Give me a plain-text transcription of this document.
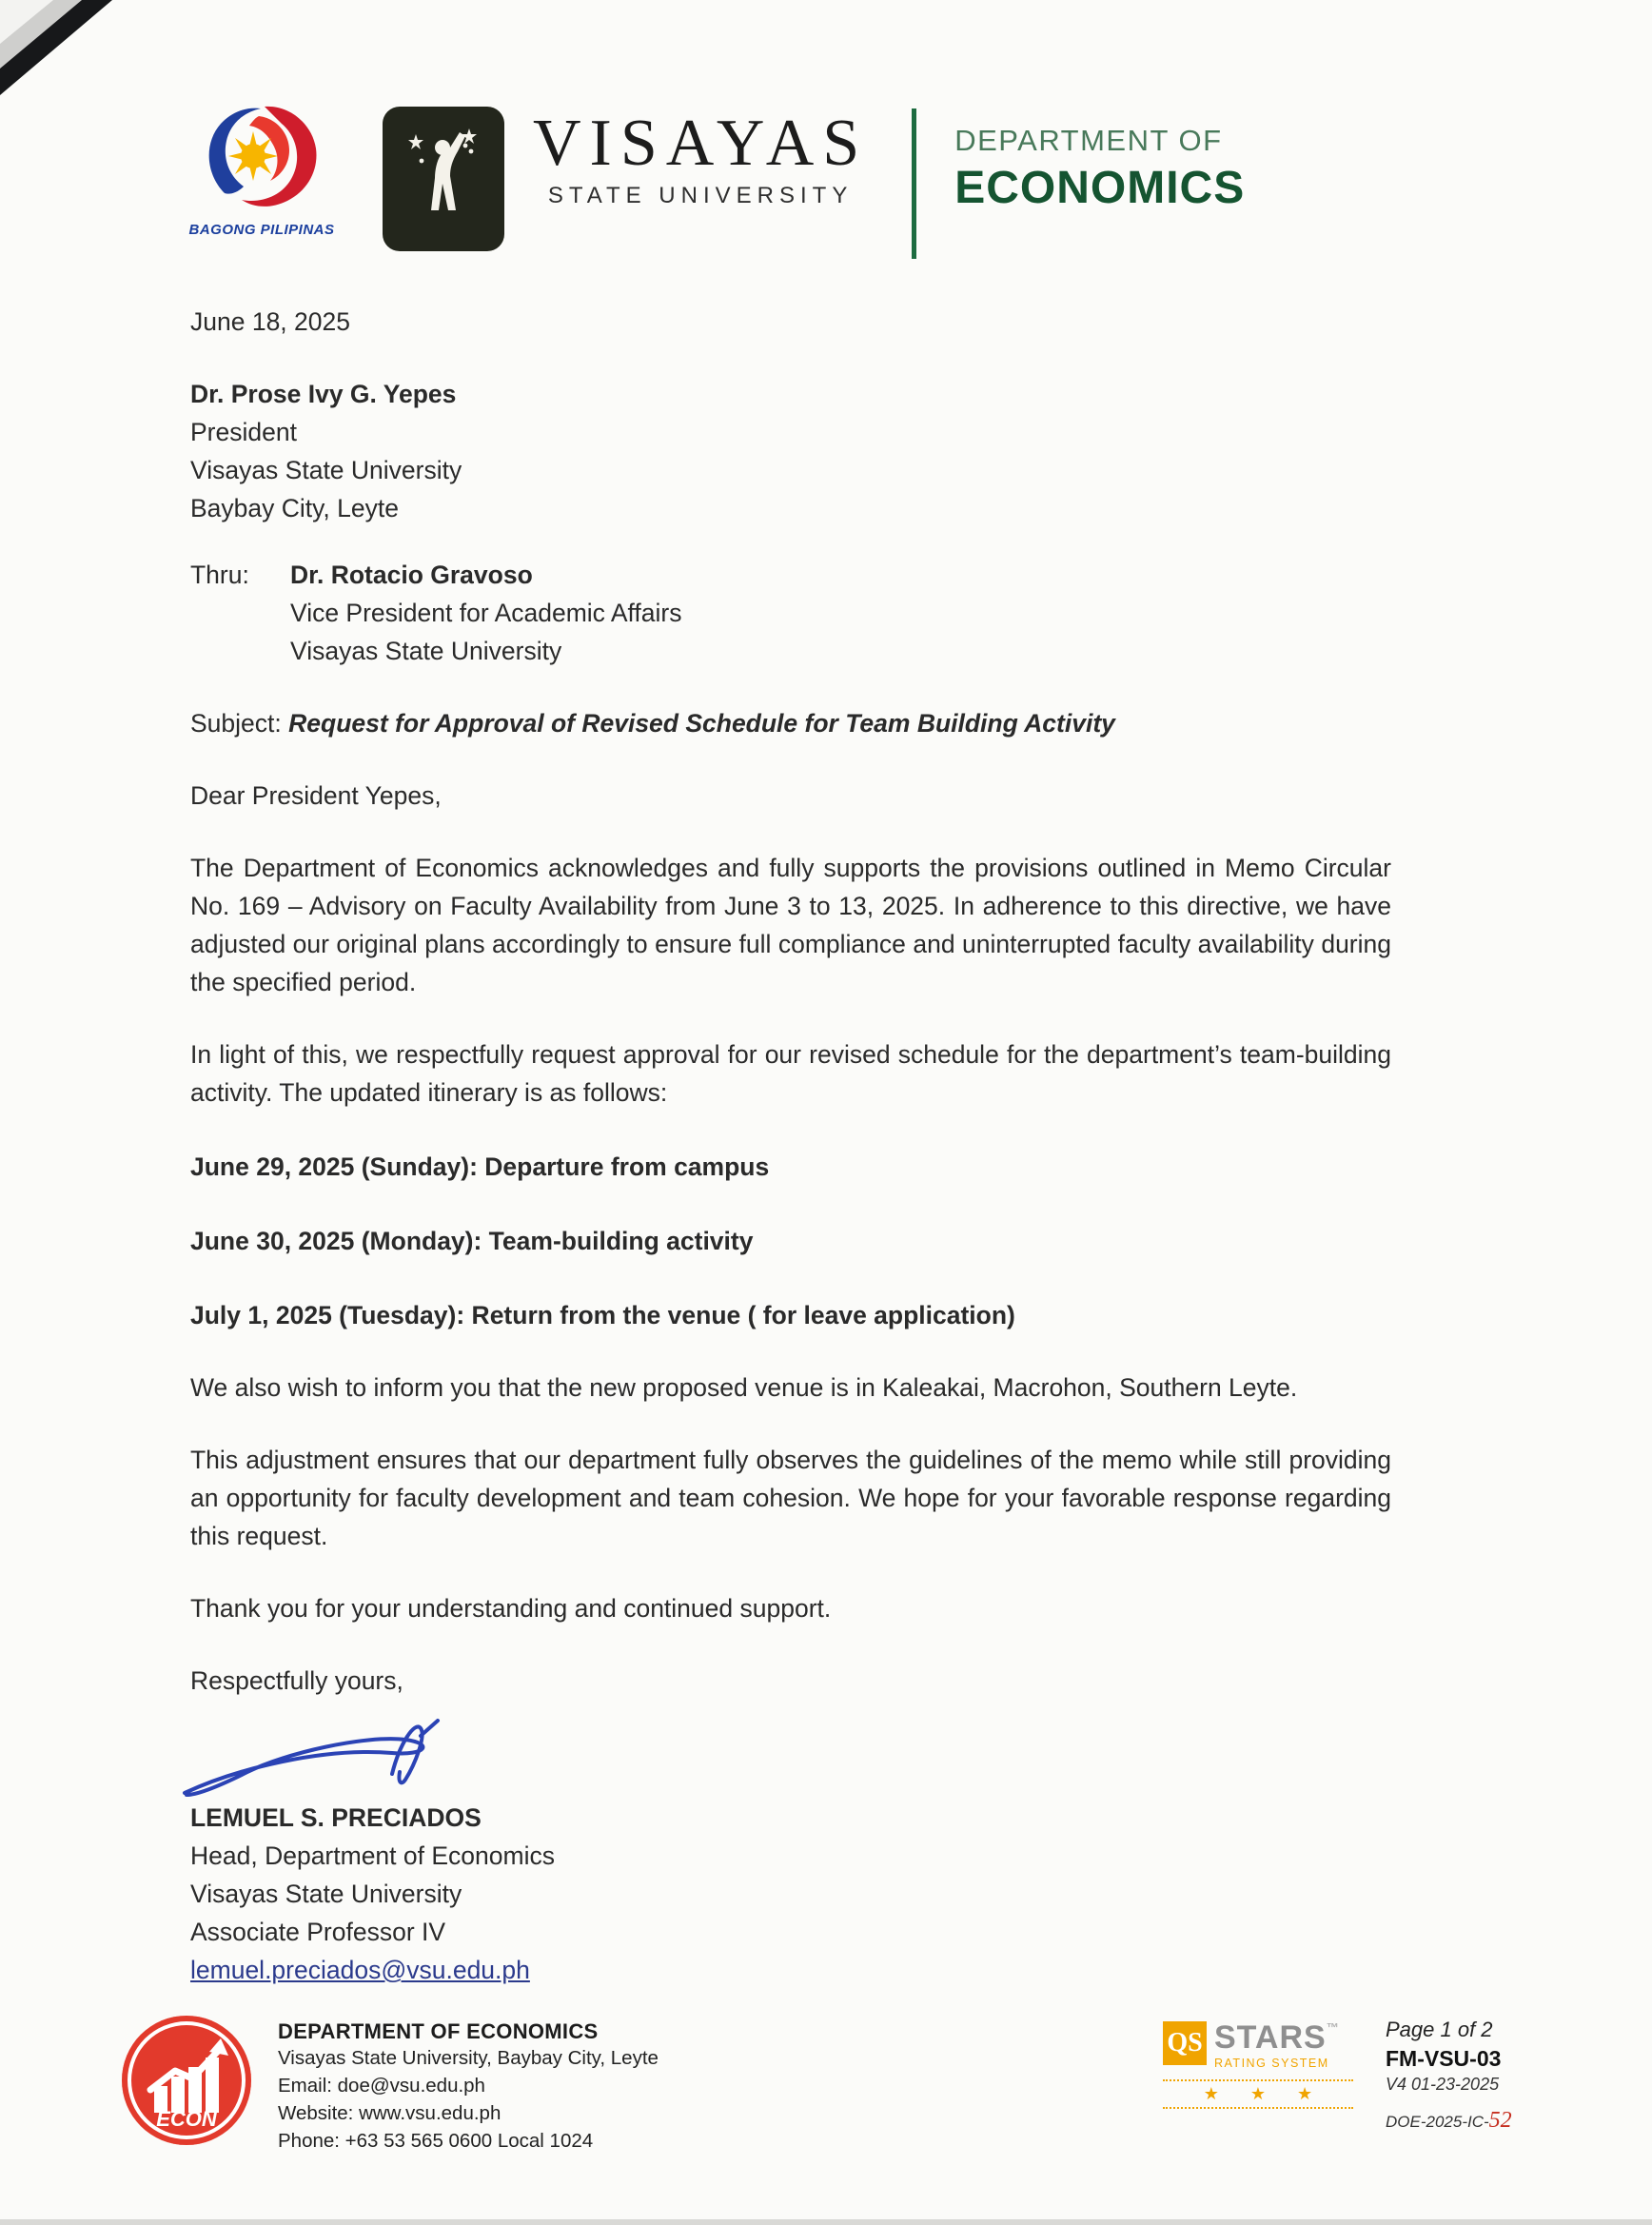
BAGONG PILIPINAS
VISAYAS
STATE UNIVERSITY
DEPARTMENT OF
ECONOMICS

June 18, 2025

Dr. Prose Ivy G. Yepes

President

Visayas State University

Baybay City, Leyte

Thru:	Dr. Rotacio Gravoso

Vice President for Academic Affairs

Visayas State University

Subject: Request for Approval of Revised Schedule for Team Building Activity

Dear President Yepes,

The Department of Economics acknowledges and fully supports the provisions outlined in Memo Circular No. 169 – Advisory on Faculty Availability from June 3 to 13, 2025. In adherence to this directive, we have adjusted our original plans accordingly to ensure full compliance and uninterrupted faculty availability during the specified period.

In light of this, we respectfully request approval for our revised schedule for the department’s team-building activity. The updated itinerary is as follows:

June 29, 2025 (Sunday): Departure from campus

June 30, 2025 (Monday): Team-building activity

July 1, 2025 (Tuesday): Return from the venue ( for leave application)

We also wish to inform you that the new proposed venue is in Kaleakai, Macrohon, Southern Leyte.

This adjustment ensures that our department fully observes the guidelines of the memo while still providing an opportunity for faculty development and team cohesion. We hope for your favorable response regarding this request.

Thank you for your understanding and continued support.

Respectfully yours,

LEMUEL S. PRECIADOS

Head, Department of Economics

Visayas State University

Associate Professor IV

lemuel.preciados@vsu.edu.ph

ECON
DEPARTMENT OF ECONOMICS
Visayas State University, Baybay City, Leyte
Email: doe@vsu.edu.ph
Website: www.vsu.edu.ph
Phone: +63 53 565 0600 Local 1024
QS STARS™
RATING SYSTEM
★ ★ ★
Page 1 of 2
FM-VSU-03
V4 01-23-2025
DOE-2025-IC-52
